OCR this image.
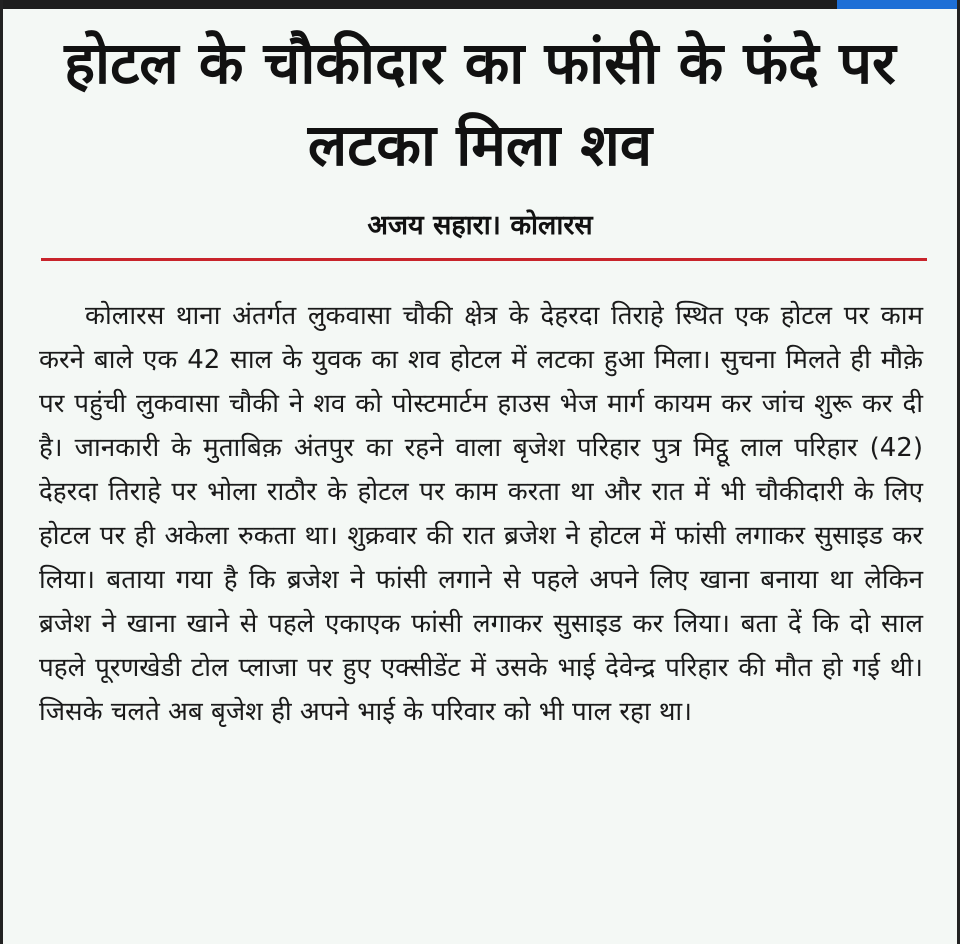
होटल के चौकीदार का फांसी के फंदे पर लटका मिला शव
अजय सहारा। कोलारस

कोलारस थाना अंतर्गत लुकवासा चौकी क्षेत्र के देहरदा तिराहे स्थित एक होटल पर काम करने बाले एक 42 साल के युवक का शव होटल में लटका हुआ मिला। सुचना मिलते ही मौक़े पर पहुंची लुकवासा चौकी ने शव को पोस्टमार्टम हाउस भेज मार्ग कायम कर जांच शुरू कर दी है। जानकारी के मुताबिक़ अंतपुर का रहने वाला बृजेश परिहार पुत्र मिट्ठू लाल परिहार (42) देहरदा तिराहे पर भोला राठौर के होटल पर काम करता था और रात में भी चौकीदारी के लिए होटल पर ही अकेला रुकता था। शुक्रवार की रात ब्रजेश ने होटल में फांसी लगाकर सुसाइड कर लिया। बताया गया है कि ब्रजेश ने फांसी लगाने से पहले अपने लिए खाना बनाया था लेकिन ब्रजेश ने खाना खाने से पहले एकाएक फांसी लगाकर सुसाइड कर लिया। बता दें कि दो साल पहले पूरणखेडी टोल प्लाजा पर हुए एक्सीडेंट में उसके भाई देवेन्द्र परिहार की मौत हो गई थी। जिसके चलते अब बृजेश ही अपने भाई के परिवार को भी पाल रहा था।
